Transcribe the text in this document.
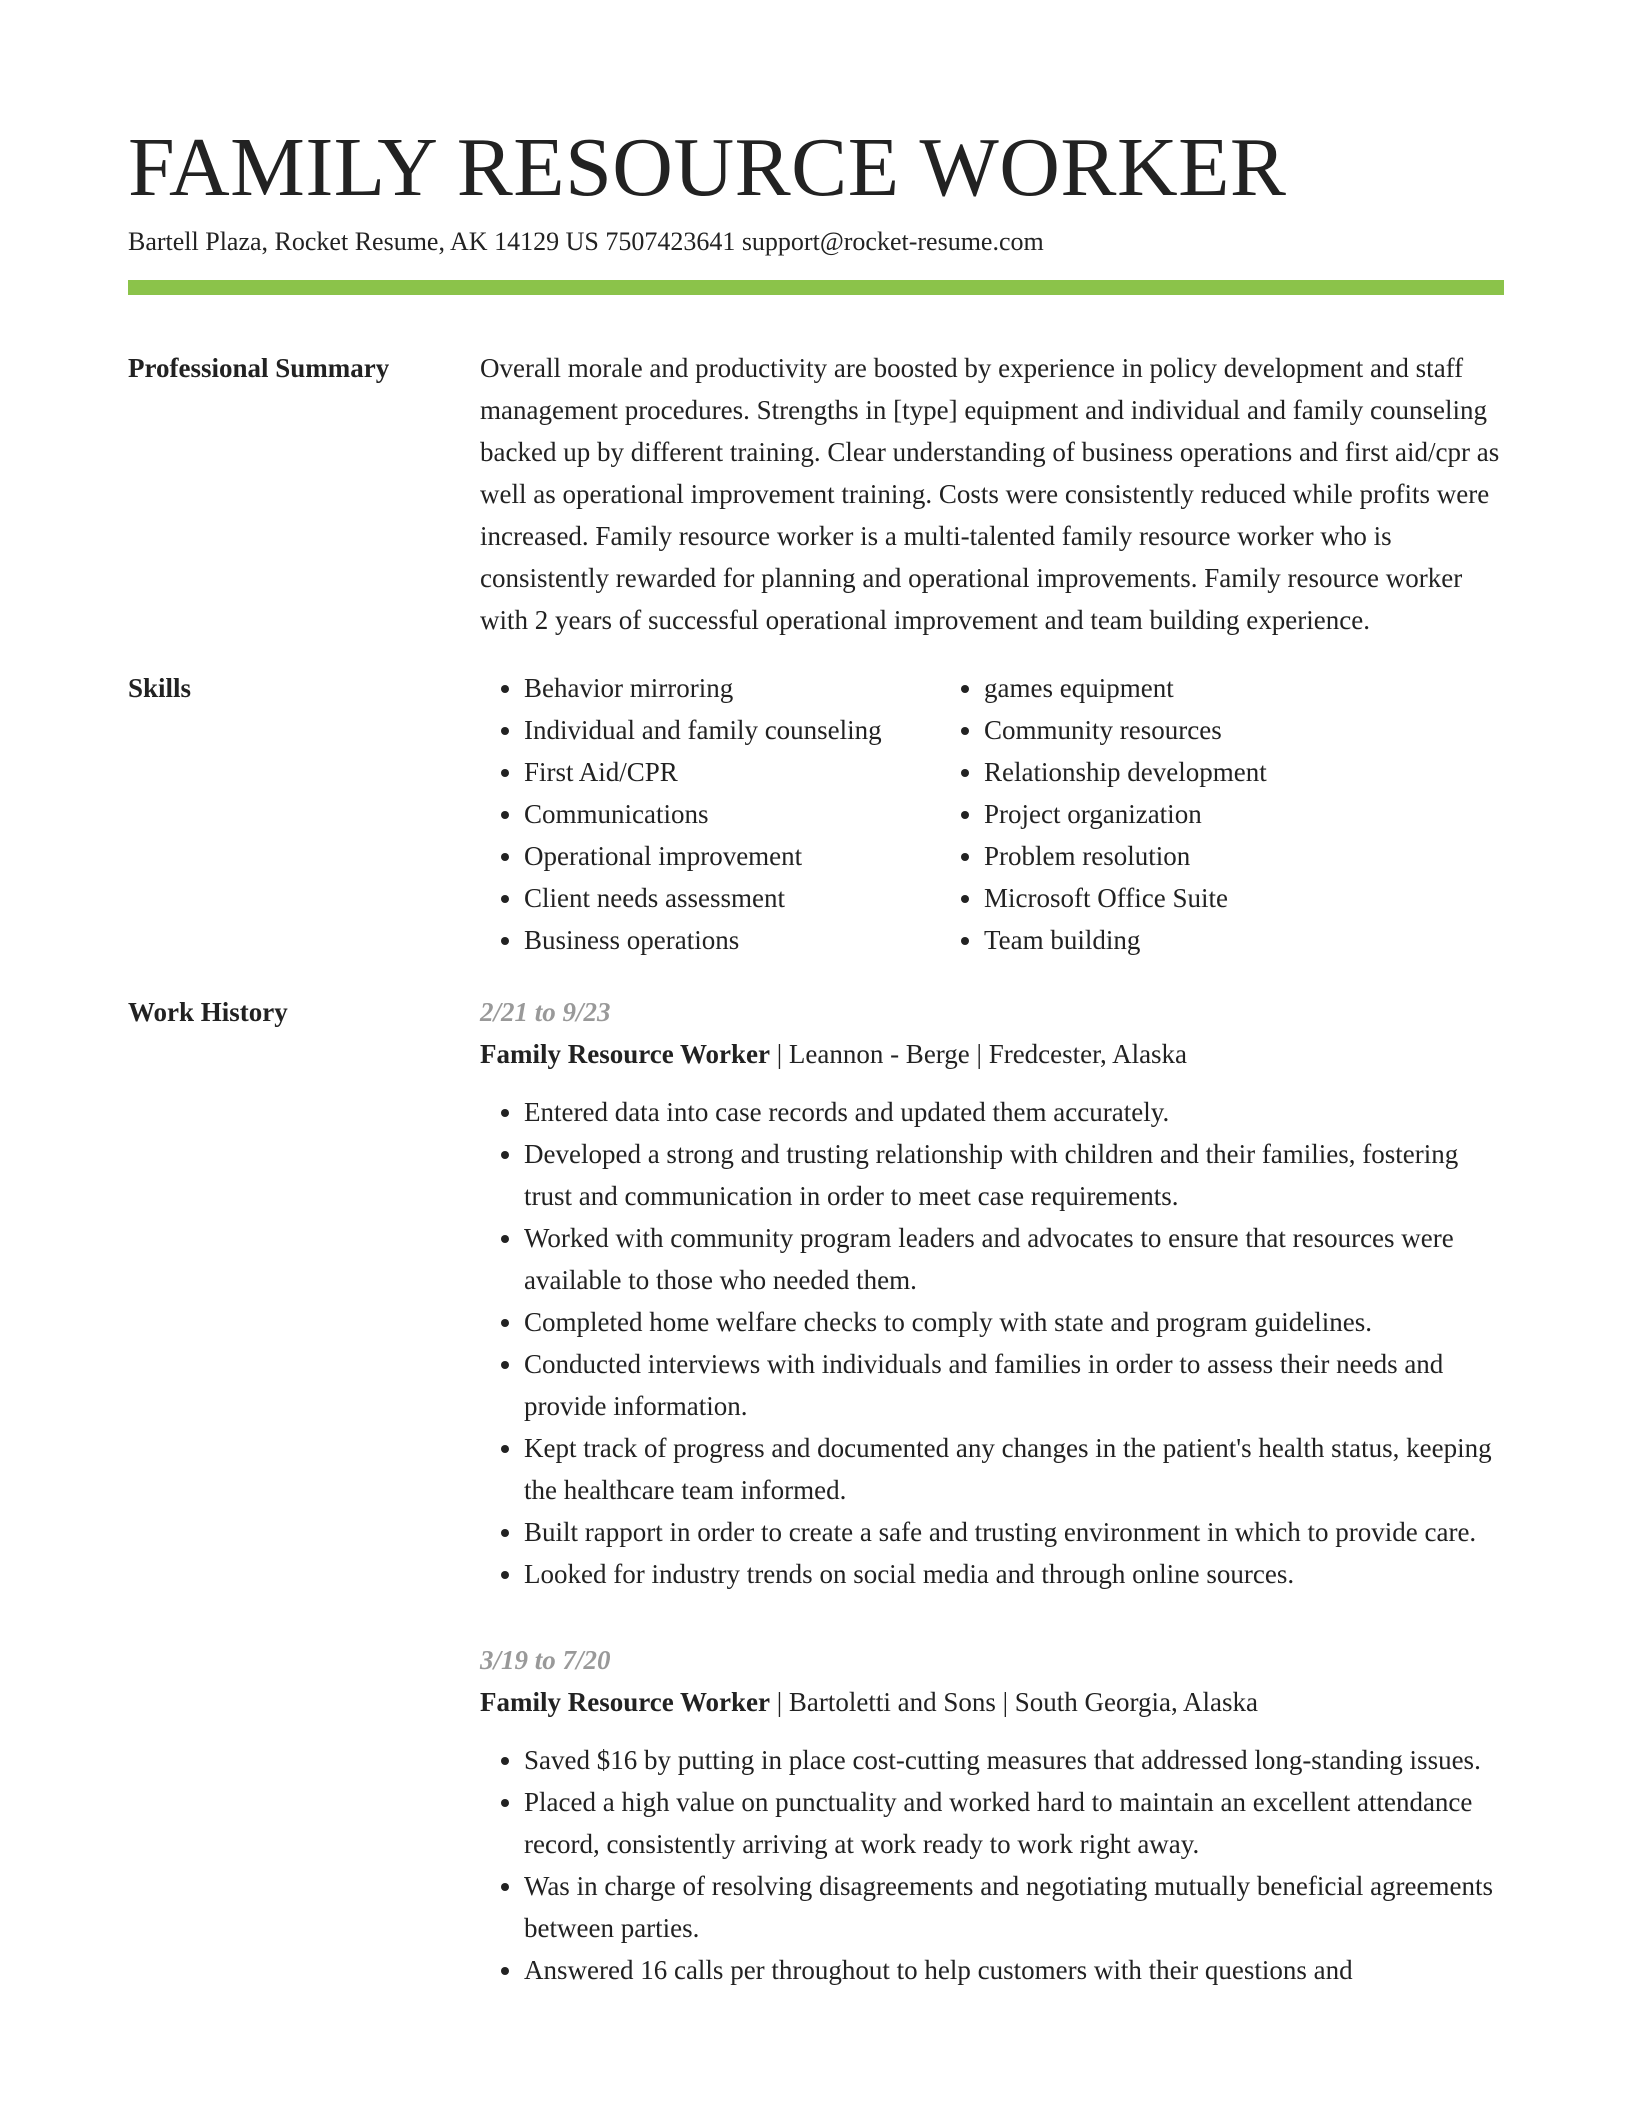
FAMILY RESOURCE WORKER
Bartell Plaza, Rocket Resume, AK 14129 US 7507423641 support@rocket-resume.com
Professional Summary	Overall morale and productivity are boosted by experience in policy development and staff management procedures. Strengths in [type] equipment and individual and family counseling backed up by different training. Clear understanding of business operations and first aid/cpr as well as operational improvement training. Costs were consistently reduced while profits were increased. Family resource worker is a multi-talented family resource worker who is consistently rewarded for planning and operational improvements. Family resource worker with 2 years of successful operational improvement and team building experience.

Skills
•	Behavior mirroring
• Individual and family counseling
• First Aid/CPR
• Communications
• Operational improvement
• Client needs assessment
• Business operations
• games equipment
• Community resources
• Relationship development
• Project organization
• Problem resolution
• Microsoft Office Suite
• Team building
Work History	2/21 to 9/23
Family Resource Worker | Leannon - Berge | Fredcester, Alaska
• Entered data into case records and updated them accurately.
• Developed a strong and trusting relationship with children and their families, fostering trust and communication in order to meet case requirements.
• Worked with community program leaders and advocates to ensure that resources were available to those who needed them.
• Completed home welfare checks to comply with state and program guidelines.
• Conducted interviews with individuals and families in order to assess their needs and provide information.
• Kept track of progress and documented any changes in the patient's health status, keeping the healthcare team informed.
• Built rapport in order to create a safe and trusting environment in which to provide care.
• Looked for industry trends on social media and through online sources.
3/19 to 7/20
Family Resource Worker | Bartoletti and Sons | South Georgia, Alaska
• Saved $16 by putting in place cost-cutting measures that addressed long-standing issues.
• Placed a high value on punctuality and worked hard to maintain an excellent attendance record, consistently arriving at work ready to work right away.
• Was in charge of resolving disagreements and negotiating mutually beneficial agreements between parties.
• Answered 16 calls per throughout to help customers with their questions and
